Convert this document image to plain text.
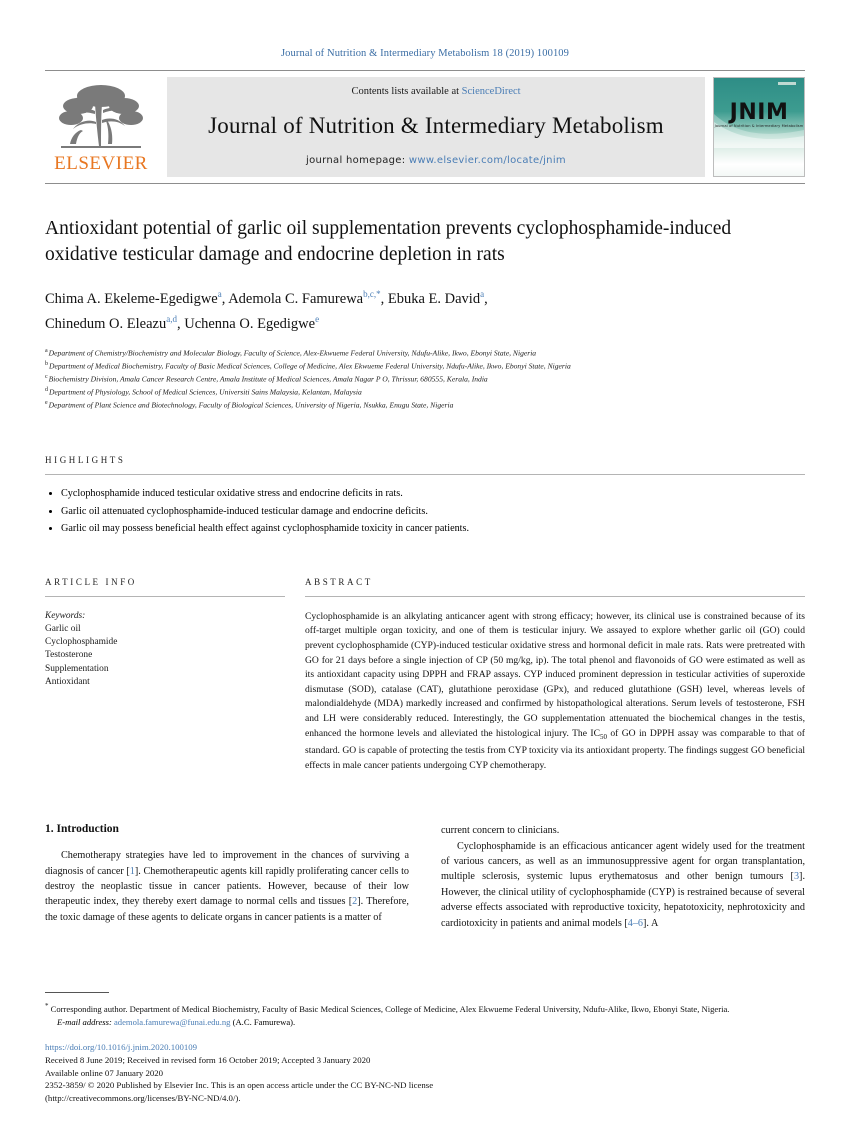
Journal of Nutrition & Intermediary Metabolism 18 (2019) 100109
ELSEVIER
Contents lists available at ScienceDirect
Journal of Nutrition & Intermediary Metabolism
journal homepage: www.elsevier.com/locate/jnim
JNIM
Journal of Nutrition & Intermediary Metabolism
Antioxidant potential of garlic oil supplementation prevents cyclophosphamide-induced oxidative testicular damage and endocrine depletion in rats
Chima A. Ekeleme-Egedigwe$^a$, Ademola C. Famurewa$^{b,c,*}$, Ebuka E. David$^a$,
Chinedum O. Eleazu$^{a,d}$, Uchenna O. Egedigwe$^e$
$^a$Department of Chemistry/Biochemistry and Molecular Biology, Faculty of Science, Alex-Ekwueme Federal University, Ndufu-Alike, Ikwo, Ebonyi State, Nigeria
$^b$Department of Medical Biochemistry, Faculty of Basic Medical Sciences, College of Medicine, Alex Ekwueme Federal University, Ndufu-Alike, Ikwo, Ebonyi State, Nigeria
$^c$Biochemistry Division, Amala Cancer Research Centre, Amala Institute of Medical Sciences, Amala Nagar P O, Thrissur, 680555, Kerala, India
$^d$Department of Physiology, School of Medical Sciences, Universiti Sains Malaysia, Kelantan, Malaysia
$^e$Department of Plant Science and Biotechnology, Faculty of Biological Sciences, University of Nigeria, Nsukka, Enugu State, Nigeria
HIGHLIGHTS
• Cyclophosphamide induced testicular oxidative stress and endocrine deficits in rats.
• Garlic oil attenuated cyclophosphamide-induced testicular damage and endocrine deficits.
• Garlic oil may possess beneficial health effect against cyclophosphamide toxicity in cancer patients.
ARTICLE INFO
Keywords:
Garlic oil
Cyclophosphamide
Testosterone
Supplementation
Antioxidant
ABSTRACT
Cyclophosphamide is an alkylating anticancer agent with strong efficacy; however, its clinical use is constrained because of its off-target multiple organ toxicity, and one of them is testicular injury. We assayed to explore whether garlic oil (GO) could prevent cyclophosphamide (CYP)-induced testicular oxidative stress and hormonal deficit in male rats. Rats were pretreated with GO for 21 days before a single injection of CP (50 mg/kg, ip). The total phenol and flavonoids of GO were estimated as well as its antioxidant capacity using DPPH and FRAP assays. CYP induced prominent depression in testicular activities of superoxide dismutase (SOD), catalase (CAT), glutathione peroxidase (GPx), and reduced glutathione (GSH) level, whereas levels of malondialdehyde (MDA) markedly increased and confirmed by histopathological alterations. Serum levels of testosterone, FSH and LH were considerably reduced. Interestingly, the GO supplementation attenuated the biochemical changes in the testis, enhanced the hormone levels and alleviated the histological injury. The $IC_{50}$ of GO in DPPH assay was comparable to that of standard. GO is capable of protecting the testis from CYP toxicity via its antioxidant property. The findings suggest GO beneficial effects in male cancer patients undergoing CYP chemotherapy.
1. Introduction

Chemotherapy strategies have led to improvement in the chances of surviving a diagnosis of cancer [1]. Chemotherapeutic agents kill rapidly proliferating cancer cells to destroy the neoplastic tissue in cancer patients. However, because of their low therapeutic index, they thereby exert damage to normal cells and tissues [2]. Therefore, the toxic damage of these agents to delicate organs in cancer patients is a matter of

current concern to clinicians.

Cyclophosphamide is an efficacious anticancer agent widely used for the treatment of various cancers, as well as an immunosuppressive agent for organ transplantation, multiple sclerosis, systemic lupus erythematosus and other benign tumours [3]. However, the clinical utility of cyclophosphamide (CYP) is restrained because of several adverse effects associated with reproductive toxicity, hepatotoxicity, nephrotoxicity and cardiotoxicity in patients and animal models [4–6]. A

* Corresponding author. Department of Medical Biochemistry, Faculty of Basic Medical Sciences, College of Medicine, Alex Ekwueme Federal University, Ndufu-Alike, Ikwo, Ebonyi State, Nigeria.
E-mail address: ademola.famurewa@funai.edu.ng (A.C. Famurewa).
https://doi.org/10.1016/j.jnim.2020.100109
Received 8 June 2019; Received in revised form 16 October 2019; Accepted 3 January 2020
Available online 07 January 2020
2352-3859/ © 2020 Published by Elsevier Inc. This is an open access article under the CC BY-NC-ND license
(http://creativecommons.org/licenses/BY-NC-ND/4.0/).
